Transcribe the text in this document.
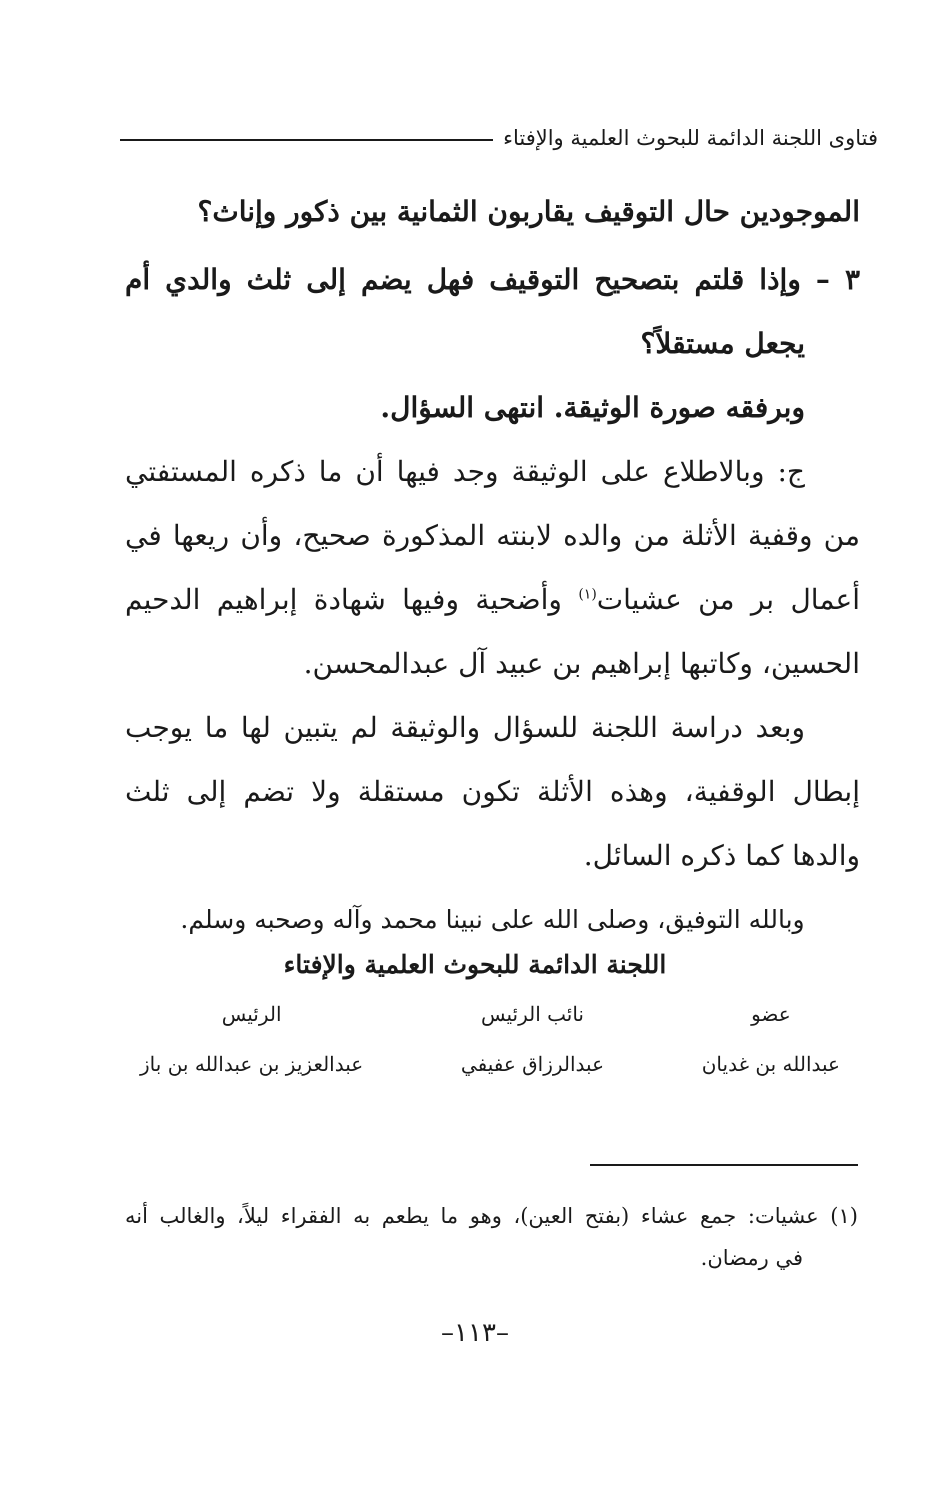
فتاوى اللجنة الدائمة للبحوث العلمية والإفتاء
الموجودين حال التوقيف يقاربون الثمانية بين ذكور وإناث؟
٣ – وإذا قلتم بتصحيح التوقيف فهل يضم إلى ثلث والدي أم
يجعل مستقلاً؟
وبرفقه صورة الوثيقة. انتهى السؤال.
ج: وبالاطلاع على الوثيقة وجد فيها أن ما ذكره المستفتي
من وقفية الأثلة من والده لابنته المذكورة صحيح، وأن ريعها في
أعمال بر من عشيات$^{(١)}$ وأضحية وفيها شهادة إبراهيم الدحيم
الحسين، وكاتبها إبراهيم بن عبيد آل عبدالمحسن.
وبعد دراسة اللجنة للسؤال والوثيقة لم يتبين لها ما يوجب
إبطال الوقفية، وهذه الأثلة تكون مستقلة ولا تضم إلى ثلث
والدها كما ذكره السائل.
وبالله التوفيق، وصلى الله على نبينا محمد وآله وصحبه وسلم.
اللجنة الدائمة للبحوث العلمية والإفتاء
عضو
عبدالله بن غديان
نائب الرئيس
عبدالرزاق عفيفي
الرئيس
عبدالعزيز بن عبدالله بن باز
(١) عشيات: جمع عشاء (بفتح العين)، وهو ما يطعم به الفقراء ليلاً، والغالب أنه
في رمضان.
–١١٣–
